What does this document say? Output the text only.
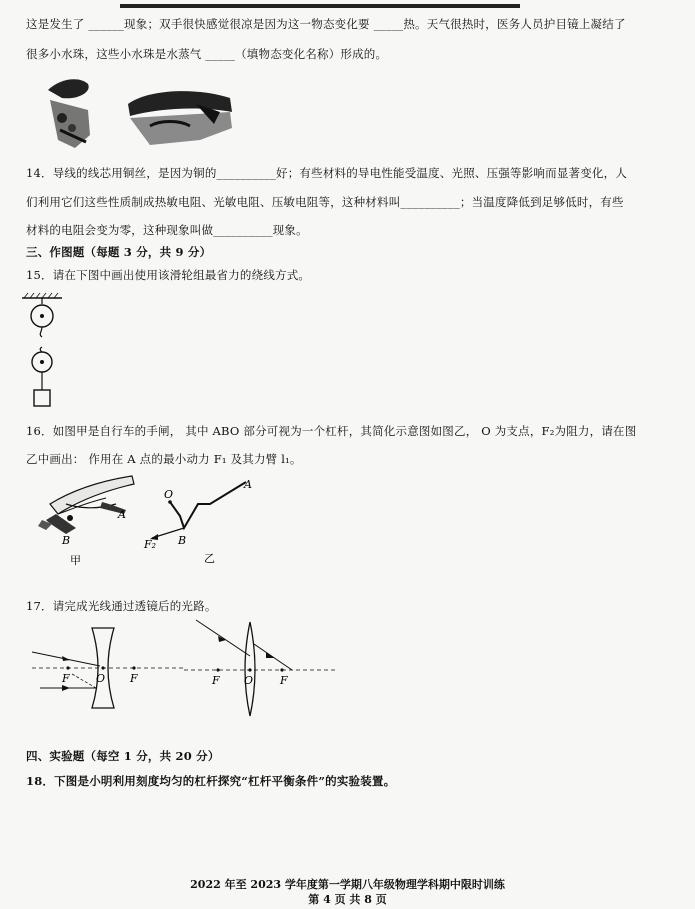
这是发生了 ______现象；双手很快感觉很凉是因为这一物态变化要 _____热。天气很热时，医务人员护目镜上凝结了
很多小水珠，这些小水珠是水蒸气 _____（填物态变化名称）形成的。
14．导线的线芯用铜丝，是因为铜的__________好；有些材料的导电性能受温度、光照、压强等影响而显著变化，人
们利用它们这些性质制成热敏电阻、光敏电阻、压敏电阻等，这种材料叫__________；当温度降低到足够低时，有些
材料的电阻会变为零，这种现象叫做__________现象。
三、作图题（每题 3 分，共 9 分）
15．请在下图中画出使用该滑轮组最省力的绕线方式。
16．如图甲是自行车的手闸， 其中 ABO 部分可视为一个杠杆，其简化示意图如图乙， O 为支点，F₂为阻力，请在图
乙中画出： 作用在 A 点的最小动力 F₁ 及其力臂 l₁。
A
B
甲
O
A
B
F₂
乙
17．请完成光线通过透镜后的光路。
F O F	F O F
四、实验题（每空 1 分，共 20 分）
18．下图是小明利用刻度均匀的杠杆探究“杠杆平衡条件”的实验装置。
2022 年至 2023 学年度第一学期八年级物理学科期中限时训练
第 4 页 共 8 页
